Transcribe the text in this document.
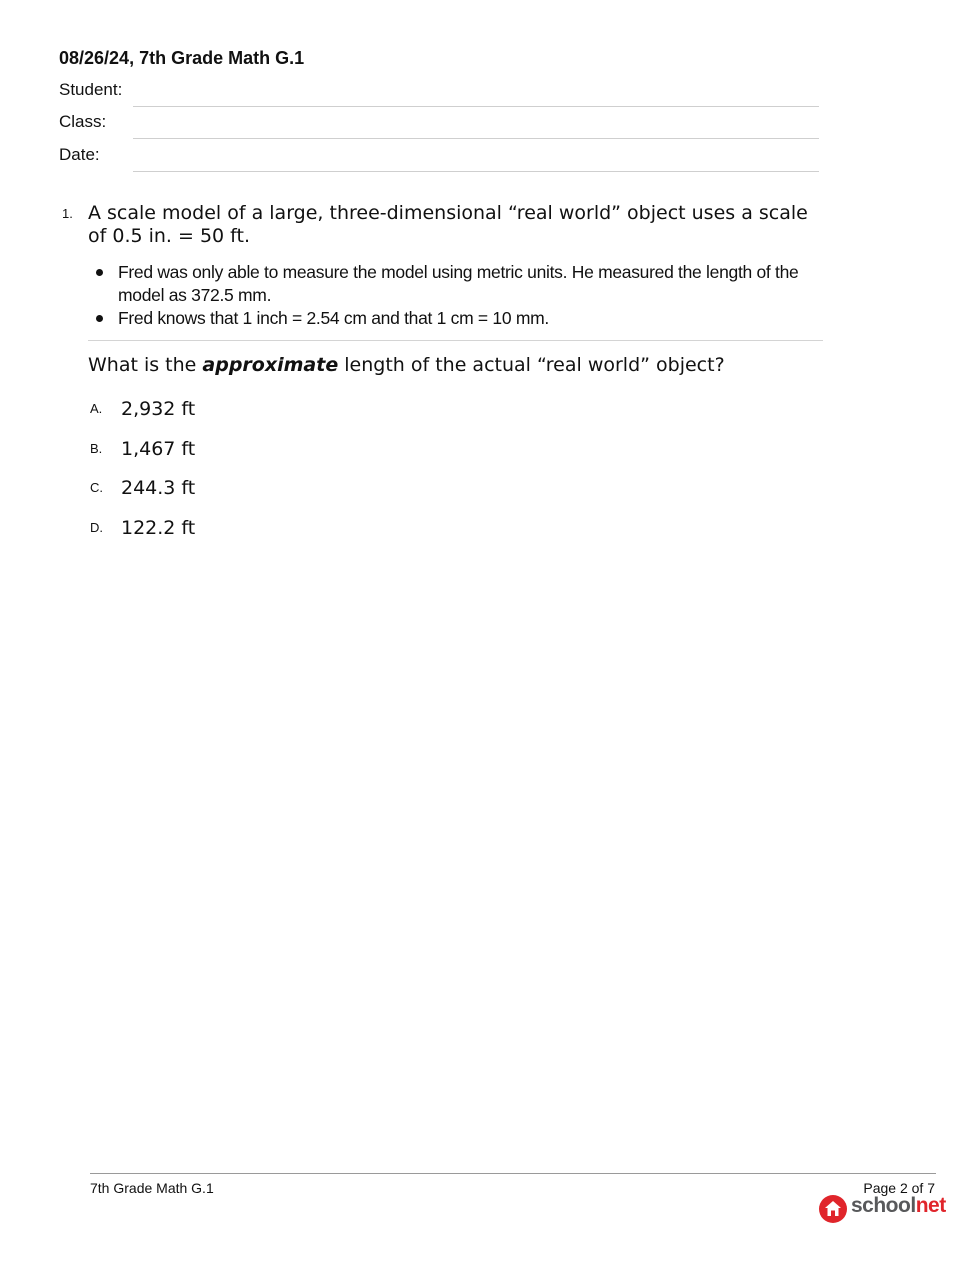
08/26/24, 7th Grade Math G.1
Student:
Class:
Date:
1. A scale model of a large, three-dimensional “real world” object uses a scale of 0.5 in. = 50 ft.
Fred was only able to measure the model using metric units. He measured the length of the model as 372.5 mm.
Fred knows that 1 inch = 2.54 cm and that 1 cm = 10 mm.
What is the approximate length of the actual “real world” object?
A. 2,932 ft
B. 1,467 ft
C. 244.3 ft
D. 122.2 ft
7th Grade Math G.1	Page 2 of 7
schoolnet
